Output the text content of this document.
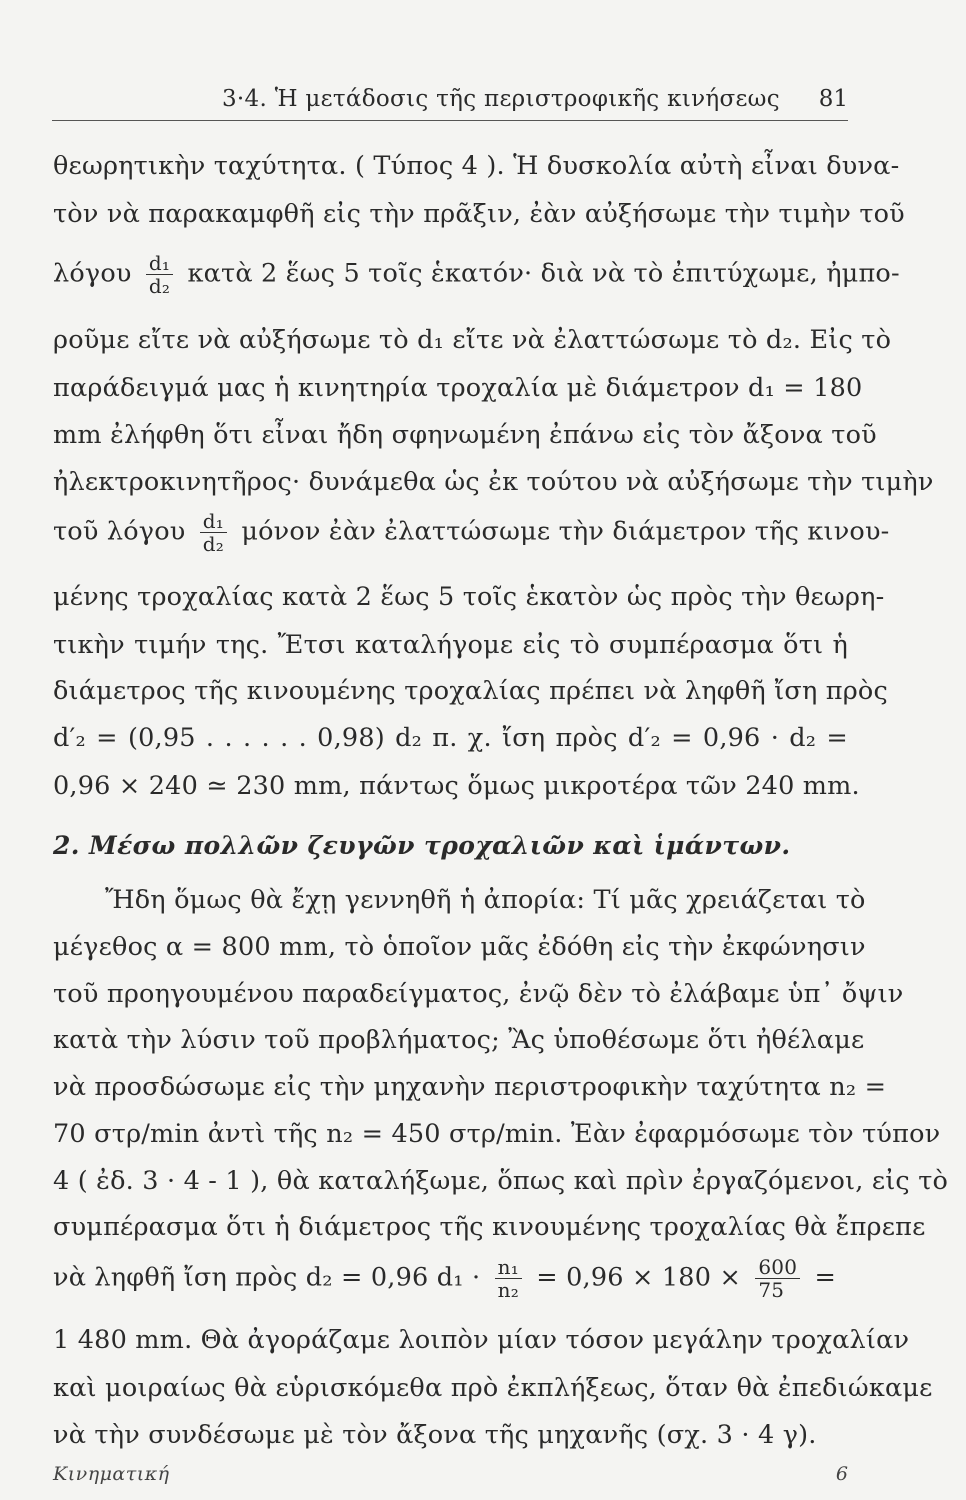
3·4. Ἡ μετάδοσις τῆς περιστροφικῆς κινήσεως 81
θεωρητικὴν ταχύτητα. ( Τύπος 4 ). Ἡ δυσκολία αὐτὴ εἶναι δυνα-
τὸν νὰ παρακαμφθῆ εἰς τὴν πρᾶξιν, ἐὰν αὐξήσωμε τὴν τιμὴν τοῦ
λόγου $\frac{\text{d₁}}{\text{d₂}}$ κατὰ 2 ἕως 5 τοῖς ἑκατόν· διὰ νὰ τὸ ἐπιτύχωμε, ἠμπο-
ροῦμε εἴτε νὰ αὐξήσωμε τὸ d₁ εἴτε νὰ ἐλαττώσωμε τὸ d₂. Εἰς τὸ
παράδειγμά μας ἡ κινητηρία τροχαλία μὲ διάμετρον d₁ = 180
mm ἐλήφθη ὅτι εἶναι ἤδη σφηνωμένη ἐπάνω εἰς τὸν ἄξονα τοῦ
ἠλεκτροκινητῆρος· δυνάμεθα ὡς ἐκ τούτου νὰ αὐξήσωμε τὴν τιμὴν
τοῦ λόγου $\frac{\text{d₁}}{\text{d₂}}$ μόνον ἐὰν ἐλαττώσωμε τὴν διάμετρον τῆς κινου-
μένης τροχαλίας κατὰ 2 ἕως 5 τοῖς ἑκατὸν ὡς πρὸς τὴν θεωρη-
τικὴν τιμήν της. Ἔτσι καταλήγομε εἰς τὸ συμπέρασμα ὅτι ἡ
διάμετρος τῆς κινουμένης τροχαλίας πρέπει νὰ ληφθῆ ἴση πρὸς
d′₂ = (0,95 . . . . . . 0,98) d₂ π. χ. ἴση πρὸς d′₂ = 0,96 · d₂ =
0,96 × 240 ≃ 230 mm, πάντως ὅμως μικροτέρα τῶν 240 mm.
2. Μέσω πολλῶν ζευγῶν τροχαλιῶν καὶ ἱμάντων.
Ἤδη ὅμως θὰ ἔχῃ γεννηθῆ ἡ ἀπορία: Τί μᾶς χρειάζεται τὸ
μέγεθος α = 800 mm, τὸ ὁποῖον μᾶς ἐδόθη εἰς τὴν ἐκφώνησιν
τοῦ προηγουμένου παραδείγματος, ἐνῷ δὲν τὸ ἐλάβαμε ὑπ᾽ ὄψιν
κατὰ τὴν λύσιν τοῦ προβλήματος; Ἂς ὑποθέσωμε ὅτι ἠθέλαμε
νὰ προσδώσωμε εἰς τὴν μηχανὴν περιστροφικὴν ταχύτητα n₂ =
70 στρ/min ἀντὶ τῆς n₂ = 450 στρ/min. Ἐὰν ἐφαρμόσωμε τὸν τύπον
4 ( ἐδ. 3 · 4 - 1 ), θὰ καταλήξωμε, ὅπως καὶ πρὶν ἐργαζόμενοι, εἰς τὸ
συμπέρασμα ὅτι ἡ διάμετρος τῆς κινουμένης τροχαλίας θὰ ἔπρεπε
νὰ ληφθῆ ἴση πρὸς d₂ = 0,96 $d_1 \cdot \frac{\text{n₁}}{\text{n₂}} = 0,96 \times 180 \times \frac{600}{75}$ =
1 480 mm. Θὰ ἀγοράζαμε λοιπὸν μίαν τόσον μεγάλην τροχαλίαν
καὶ μοιραίως θὰ εὑρισκόμεθα πρὸ ἐκπλήξεως, ὅταν θὰ ἐπεδιώκαμε
νὰ τὴν συνδέσωμε μὲ τὸν ἄξονα τῆς μηχανῆς (σχ. 3 · 4 γ).
Κινηματική	6
